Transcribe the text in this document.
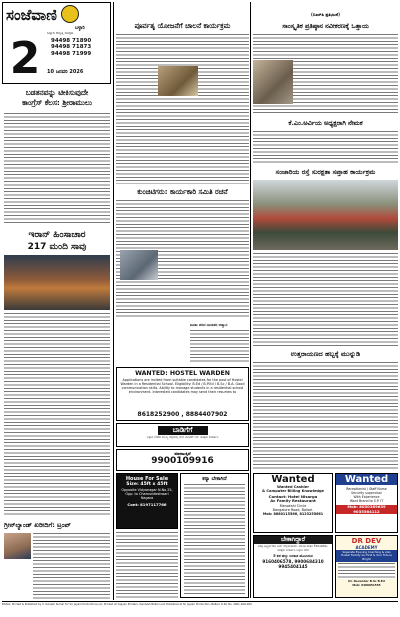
ಸಂಜೆವಾಣಿ
ಬಳ್ಳಾರಿ
ಬಳ್ಳಾರಿ ಆವೃತ್ತಿ ಸಂಪುಟ
94498 71890
94498 71873
94498 71999
2	10 ಜನವರಿ 2026
ಬಡತನವನ್ನು ಟೀಕಿಸುವುದೇ
ಕಾಂಗ್ರೆಸ್ ಕೆಲಸ: ಶ್ರೀರಾಮುಲು
ಇರಾನ್ ಹಿಂಸಾಚಾರ
217 ಮಂದಿ ಸಾವು
ಗ್ರೀನ್‌ಲ್ಯಾಂಡ್ ಖರೀದಿಗೆ: ಟ್ರಂಪ್
ಪೂರ್ವತೃ ಯೋಜನೆಗೆ ಚಾಲನೆ ಕಾರ್ಯಕ್ರಮ
ಕುಂಚಿಟಿಗರು: ಕಾರ್ಯಕಾರಿ ಸಮಿತಿ ರಚನೆ
ಜನತಾ ದಳದ ನಾಯಕರ ಆಹ್ವಾನ
WANTED: HOSTEL WARDEN
Applications are invited from suitable candidates for the post of Hostel Warden in a Residential School. Eligibility: B.Ed / B.P.Ed / B.Sc / B.A. Good communication skills. Ability to manage students in a residential school environment. Interested candidates may send their resumes to
8618252900 , 8884407902
ಬಾಡಿಗೆಗೆ
ಬಳ್ಳಾರಿ ನಗರದ ಮುಖ್ಯ ರಸ್ತೆಯಲ್ಲಿ ಮನೆ ಬಾಡಿಗೆಗೆ ಇದೆ. ಆಸಕ್ತರು ಸಂಪರ್ಕಿಸಿ
ಮಾರಾಟಕ್ಕಿದೆ
9900109916
House For Sale
Size: 45ft x 45ft
Opposite Vidyanagar N.No.25, Opp. to Chamundeshwari Nagara
Cont: 8197117766
ಕನ್ಯಾ ಬೇಕಾಗಿದೆ
(ಬಿಎಸ್‌ಪಿ ಪ್ರತಿಭಟನೆ)
ಸಾಂಸ್ಕೃತಿಕ ಪ್ರತಿಷ್ಠಾನ ನವೀಕರಣಕ್ಕೆ ಒತ್ತಾಯ
ಕೆ.ಎಂ.ಅರ್ವಿಯ ಅಧ್ಯಕ್ಷರಾಗಿ ನೇಮಕ
ಸಂಚಾರಿಯ ರಸ್ತೆ ಸುರಕ್ಷತಾ ಸಪ್ತಾಹ ಕಾರ್ಯಕ್ರಮ
ಉತ್ತರಾಯಣದ ಹಬ್ಬಕ್ಕೆ ಮುನ್ನುಡಿ
Wanted
Wanted Cashier
& Computer Billing Knowledge
Contact: Hotel Nisarga
Ac Family Restaurant
Menakshi Circle
Bangalore Road, Ballari.
Mob: 8880115566, 8123255661
Wanted
Receptionist / Staff Nurse
Security supervisor
With Experience
Want Brand to S.P. IT
Mob: 8050369639
9035564112
ಬೇಕಾಗಿದ್ದಾರೆ
ಆಸಕ್ತ ಅಭ್ಯರ್ಥಿಗಳು ಅರ್ಜಿ ಸಲ್ಲಿಸಬಹುದು. ಮಾಸಿಕ ವೇತನ ₹10,000/- ಆಸಕ್ತರು ಸಂಪರ್ಕಿಸಿ ಬಳ್ಳಾರಿ ನಗರ
5 ಕಡೆ ಹೆಚ್ಚು ಅವಕಾಶ ಹೊಂದಿರುವ
9160406578, 9900684310
9945404145
DR DEV
ACADEMY
Separate Evening Coaching & Also Hostel Facility Go First & Your Future Bright
Dr. Devender B.Sc B.Ed
Mob: 9480051555
Edited, Printed & Published by V. Ganesh Kumar for Sri Jayam Productions (A). Printed at Vijayan Printers, Sandesh Ballari and Published at Sri Jayam Production, Ballari. R.N.I No. 2001-KAR-000
